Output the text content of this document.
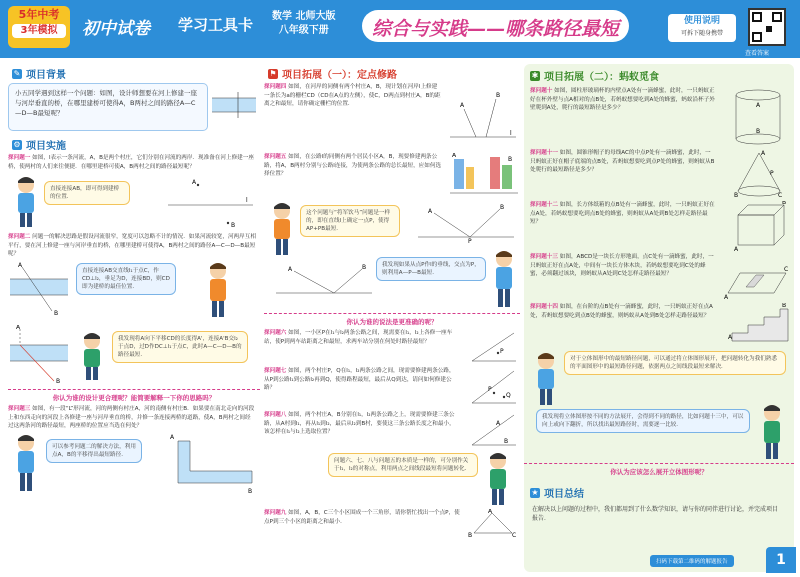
5年中考
3年模拟	初中试卷 学习工具卡 数学 北师大版
八年级下册	综合与实践——哪条路径最短	使用说明
可拆下随身携带
查看答案
✎ 项目背景
小五同学遇到这样一个问题：如图，设计师想要在河上修建一座与河岸垂直的桥，在哪里建桥可使得A，B两村之间的路径A—C—D—B最短呢？
⚙ 项目实施
探问题一 如图，l表示一条河流，A，B是两个村庄，它们分别在河流的两岸．现准备在河上修建一座桥，使两村的人们来往便捷．在哪里建桥可使A，B两村之间的路径最短呢？
直接连接AB，即可得到建桥的位置．
A
B
l
探问题二 问题一的解决思路是假设河流很窄，宽度可以忽略不计的情况．如果河流较宽，河两岸互相平行，要在河上修建一座与河岸垂直的桥，在哪里建桥可使得A，B两村之间的路径A—C—D—B最短呢？
A
B
直接连接AB交直线l₁于点C，作CD⊥l₂，垂足为D，连接BD，则CD即为建桥的最佳位置．
A
B
我发现将A向下平移CD的长度得A'，连接A'B交l₂于点D，过D作DC⊥l₁于点C，此时A—C—D—B的路径最短．
你认为谁的设计更合理呢？能简要解释一下你的思路吗？
探问题三 如图，有一段“L”形河流，河的两侧有村庄A，河的南侧有村庄B．如果要在南北走向的河段上和东西走向的河段上各修建一座与河岸垂直的桥，并修一条连接两桥的道路，使A，B两村之间经过这两条河的路径最短，两座桥的位置应当选在何处？
可以参考问题二的解决方法，利用点A，B的平移得出最短路径．
A
B
⚑ 项目拓展（一）：定点修路
探问题四 如图，在河岸的同侧有两个村庄A，B，现计划在河岸l上修建一条长为a的栅栏CD（CD在A点的左侧），使C，D两点到村庄A，B的距离之和最短，请你确定栅栏的位置．	A
B
l
探问题五 如图，在公路l的同侧有两个居民小区A，B，现要修建两条公路，将A，B两村分别与公路l连接，为使两条公路的总长最短，应如何选择位置？
A
B
这个问题与“将军饮马”问题是一样的，即在直线l上确定一点P，使得AP+PB最短．
A
B
P
A	B	我发现如果从点P作l的垂线，交点为P，则利用A—P—B最短．
你认为谁的说法是更准确的呢？
探问题六 如图，一小区P在l₁与l₂两条公路之间，现需要在l₁，l₂上各修一座车站，使P到两车站距离之和最短，求两车站分别在何处时路径最短？
P
探问题七 如图，两个村庄P，Q在l₁，l₂两条公路之间，现需要修建两条公路，从P到公路l₁到公路l₂再到Q，使得路程最短，最后从Q到达，请问如何修建公路？	P
Q
探问题八 如图，两个村庄A，B分别在l₁，l₂两条公路之上，现需要修建三条公路，从A村到l₁，再从l₁到l₂，最后从l₂到B村，要使这三条公路长度之和最小，该怎样在l₁与l₂上选取位置？
A
B
问题六、七、八与问题五的本质是一样的，可分别作关于l₁，l₂的对称点，利用两点之间线段最短将问题转化．
探问题九 如图，A，B，C三个小区围成一个三角形，请你帮忙找出一个点P，使点P到三个小区的距离之和最小．
A
B	C
✱ 项目拓展（二）：蚂蚁觅食
探问题十 如图，圆柱形玻璃杯的内壁点A处有一滴蜂蜜，此时，一只蚂蚁正好在杯外壁与点A相对的点B处，若蚂蚁想要吃到A处的蜂蜜，蚂蚁沿杯子外壁爬到A处，爬行的最短路径是多少？	A
B
探问题十一 如图，圆锥形帽子的母线AC的中点P处有一滴蜂蜜，此时，一只蚂蚁正好在帽子底端的点B处，若蚂蚁想要吃到点P处的蜂蜜，则蚂蚁从B处爬行的最短路径是多少？
A
P
B	C
探问题十二 如图，长方体纸箱的点B处有一滴蜂蜜，此时，一只蚂蚁正好在点A处，若蚂蚁想要吃到点B处的蜂蜜，则蚂蚁从A处到B处怎样走路径最短？
B
A
探问题十三 如图，ABCD是一块长方形地面，点C处有一滴蜂蜜，此时，一只蚂蚁正好在点A处，中间有一块长方体木块，若蚂蚁想要吃到C处的蜂蜜，必须翻过该块，则蚂蚁从A处到C处怎样走路径最短？
A
C
探问题十四 如图，在台阶的点B处有一滴蜂蜜，此时，一只蚂蚁正好在点A处，若蚂蚁想要吃到点B处的蜂蜜，则蚂蚁从A处到B处怎样走路径最短？
A
B
对于立体图形中的最短路径问题，可以通过将立体图形展开，把问题转化为我们熟悉的平面图形中的最短路径问题，依据两点之间线段最短来解决．
我发现将立体图形按不同的方法展开，会得到不同的路径，比如问题十三中，可以向上或向下翻折，所以找出最短路径时，需要逐一比较．
你认为应该怎么展开立体图形呢？
★ 项目总结
在解决以上问题的过程中，我们都用到了什么数学知识，请与你的同伴进行讨论，并完成项目报告．
扫码下载第二维码的解题报告	1
